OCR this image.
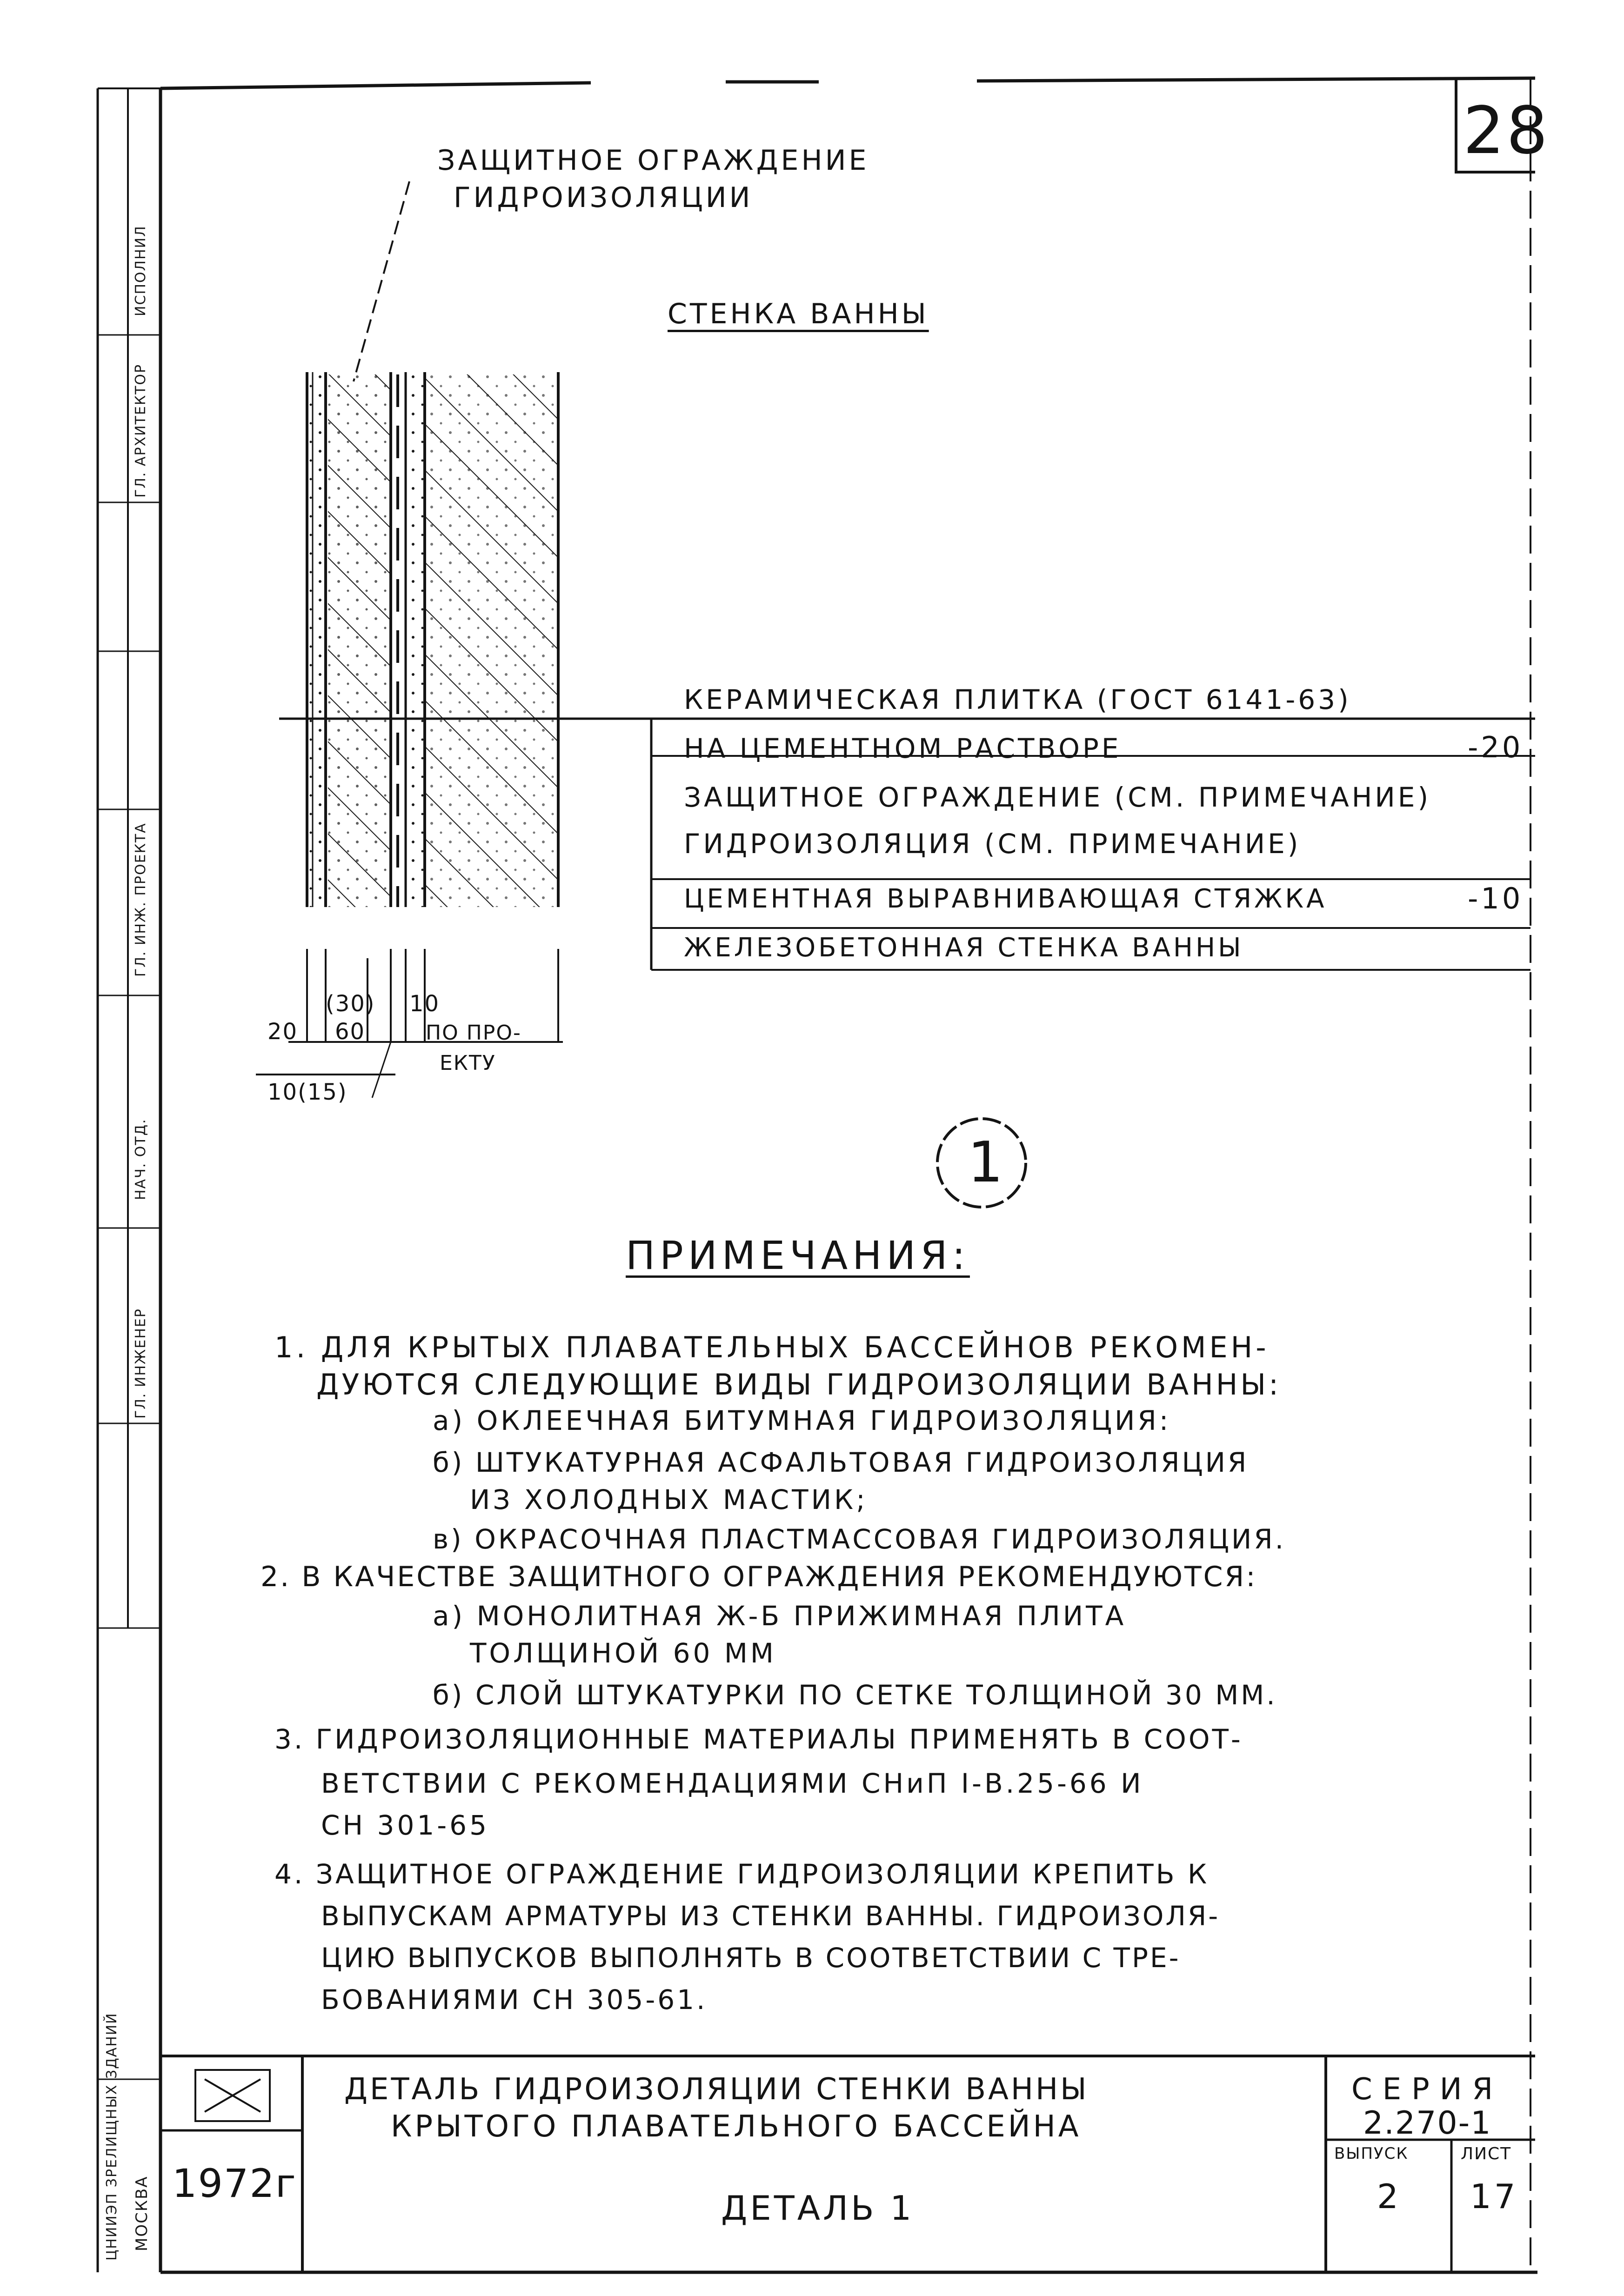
28
ЦНИИЭП ЗРЕЛИЩНЫХ ЗДАНИЙ МОСКВА
ГЛ. ИНЖЕНЕР
НАЧ. ОТД.
ГЛ. ИНЖ. ПРОЕКТА
ГЛ. АРХИТЕКТОР
ИСПОЛНИЛ
ЗАЩИТНОЕ ОГРАЖДЕНИЕ
ГИДРОИЗОЛЯЦИИ
СТЕНКА ВАННЫ
КЕРАМИЧЕСКАЯ ПЛИТКА (ГОСТ 6141-63)
НА ЦЕМЕНТНОМ РАСТВОРЕ	-20
ЗАЩИТНОЕ ОГРАЖДЕНИЕ (СМ. ПРИМЕЧАНИЕ)
ГИДРОИЗОЛЯЦИЯ (СМ. ПРИМЕЧАНИЕ)
ЦЕМЕНТНАЯ ВЫРАВНИВАЮЩАЯ СТЯЖКА	-10
ЖЕЛЕЗОБЕТОННАЯ СТЕНКА ВАННЫ
20
(30)
60
10
ПО ПРО-
ЕКТУ
10(15)
1
ПРИМЕЧАНИЯ:
1. ДЛЯ КРЫТЫХ ПЛАВАТЕЛЬНЫХ БАССЕЙНОВ РЕКОМЕН-
ДУЮТСЯ СЛЕДУЮЩИЕ ВИДЫ ГИДРОИЗОЛЯЦИИ ВАННЫ:
а) ОКЛЕЕЧНАЯ БИТУМНАЯ ГИДРОИЗОЛЯЦИЯ:
б) ШТУКАТУРНАЯ АСФАЛЬТОВАЯ ГИДРОИЗОЛЯЦИЯ
ИЗ ХОЛОДНЫХ МАСТИК;
в) ОКРАСОЧНАЯ ПЛАСТМАССОВАЯ ГИДРОИЗОЛЯЦИЯ.
2. В КАЧЕСТВЕ ЗАЩИТНОГО ОГРАЖДЕНИЯ РЕКОМЕНДУЮТСЯ:
а) МОНОЛИТНАЯ Ж-Б ПРИЖИМНАЯ ПЛИТА
ТОЛЩИНОЙ 60 ММ
б) СЛОЙ ШТУКАТУРКИ ПО СЕТКЕ ТОЛЩИНОЙ 30 ММ.
3. ГИДРОИЗОЛЯЦИОННЫЕ МАТЕРИАЛЫ ПРИМЕНЯТЬ В СООТ-
ВЕТСТВИИ С РЕКОМЕНДАЦИЯМИ СНиП I-В.25-66 И
СН 301-65
4. ЗАЩИТНОЕ ОГРАЖДЕНИЕ ГИДРОИЗОЛЯЦИИ КРЕПИТЬ К
ВЫПУСКАМ АРМАТУРЫ ИЗ СТЕНКИ ВАННЫ. ГИДРОИЗОЛЯ-
ЦИЮ ВЫПУСКОВ ВЫПОЛНЯТЬ В СООТВЕТСТВИИ С ТРЕ-
БОВАНИЯМИ СН 305-61.
ДЕТАЛЬ ГИДРОИЗОЛЯЦИИ СТЕНКИ ВАННЫ
КРЫТОГО ПЛАВАТЕЛЬНОГО БАССЕЙНА
ДЕТАЛЬ 1
1972г
СЕРИЯ
2.270-1
ВЫПУСК
2
ЛИСТ
17
